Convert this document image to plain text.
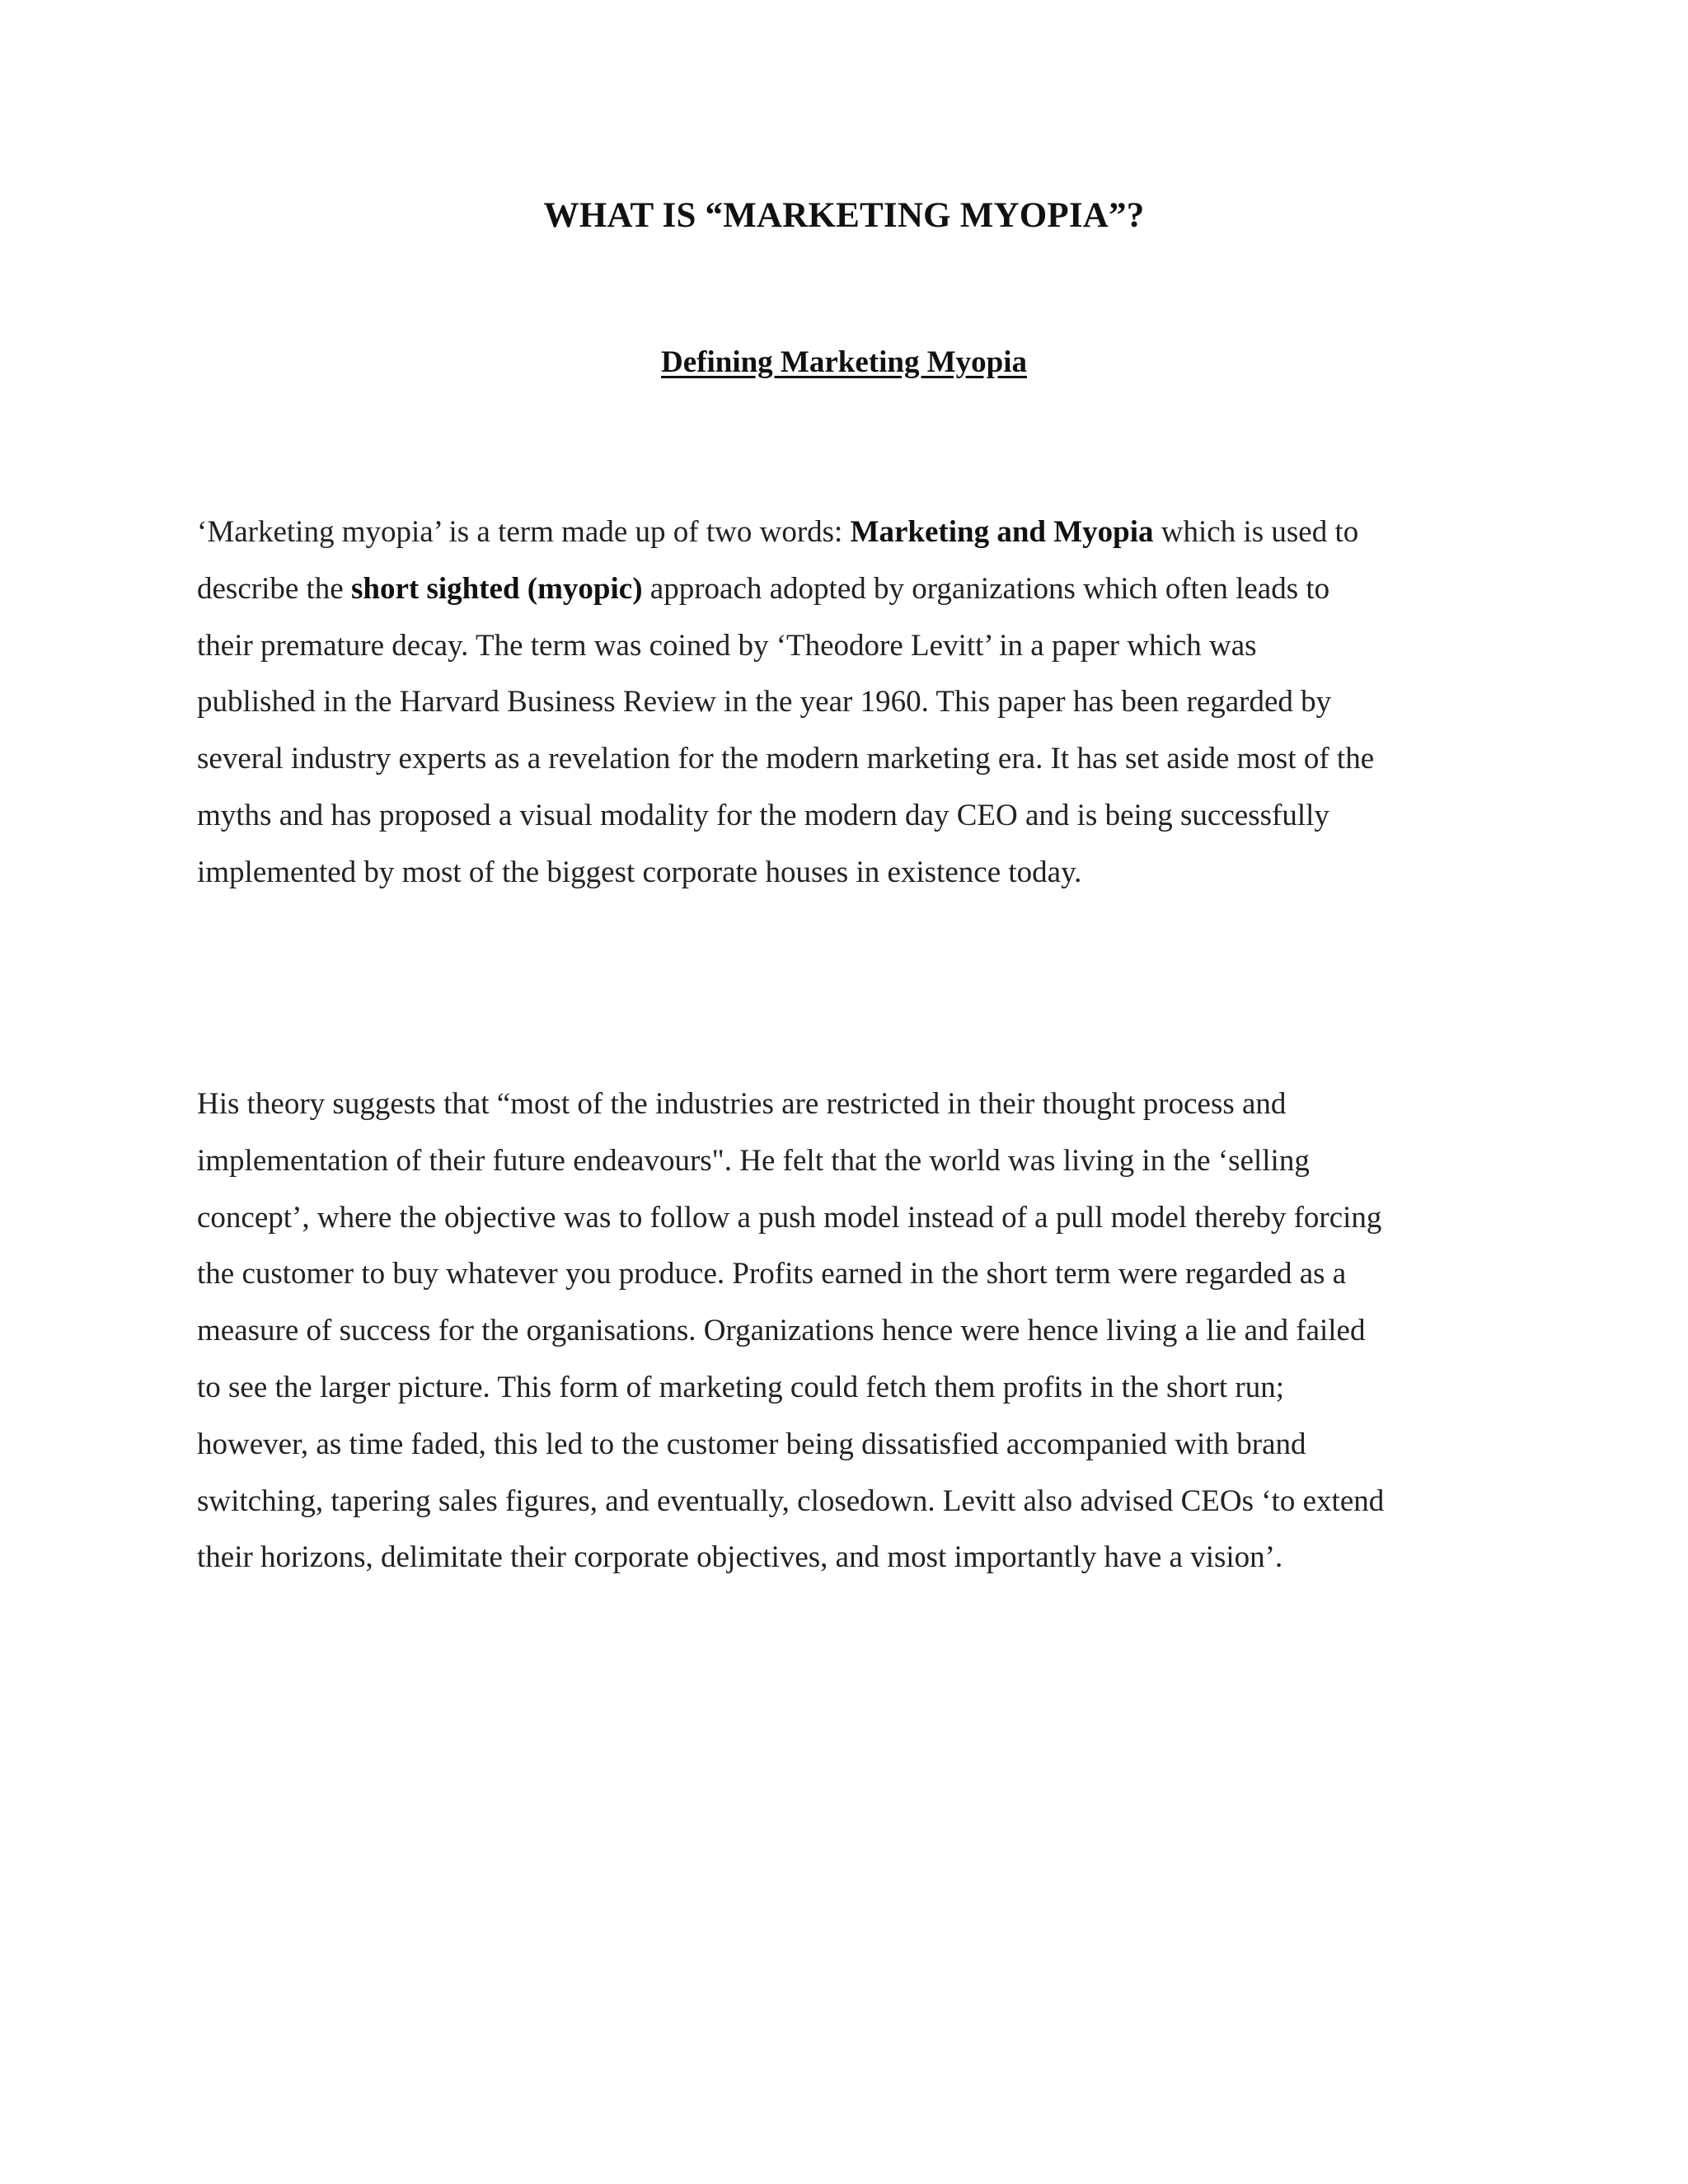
WHAT IS “MARKETING MYOPIA”?
Defining Marketing Myopia

‘Marketing myopia’ is a term made up of two words: Marketing and Myopia which is used to
describe the short sighted (myopic) approach adopted by organizations which often leads to
their premature decay. The term was coined by ‘Theodore Levitt’ in a paper which was
published in the Harvard Business Review in the year 1960. This paper has been regarded by
several industry experts as a revelation for the modern marketing era. It has set aside most of the
myths and has proposed a visual modality for the modern day CEO and is being successfully
implemented by most of the biggest corporate houses in existence today.

His theory suggests that “most of the industries are restricted in their thought process and
implementation of their future endeavours". He felt that the world was living in the ‘selling
concept’, where the objective was to follow a push model instead of a pull model thereby forcing
the customer to buy whatever you produce. Profits earned in the short term were regarded as a
measure of success for the organisations. Organizations hence were hence living a lie and failed
to see the larger picture. This form of marketing could fetch them profits in the short run;
however, as time faded, this led to the customer being dissatisfied accompanied with brand
switching, tapering sales figures, and eventually, closedown. Levitt also advised CEOs ‘to extend
their horizons, delimitate their corporate objectives, and most importantly have a vision’.
